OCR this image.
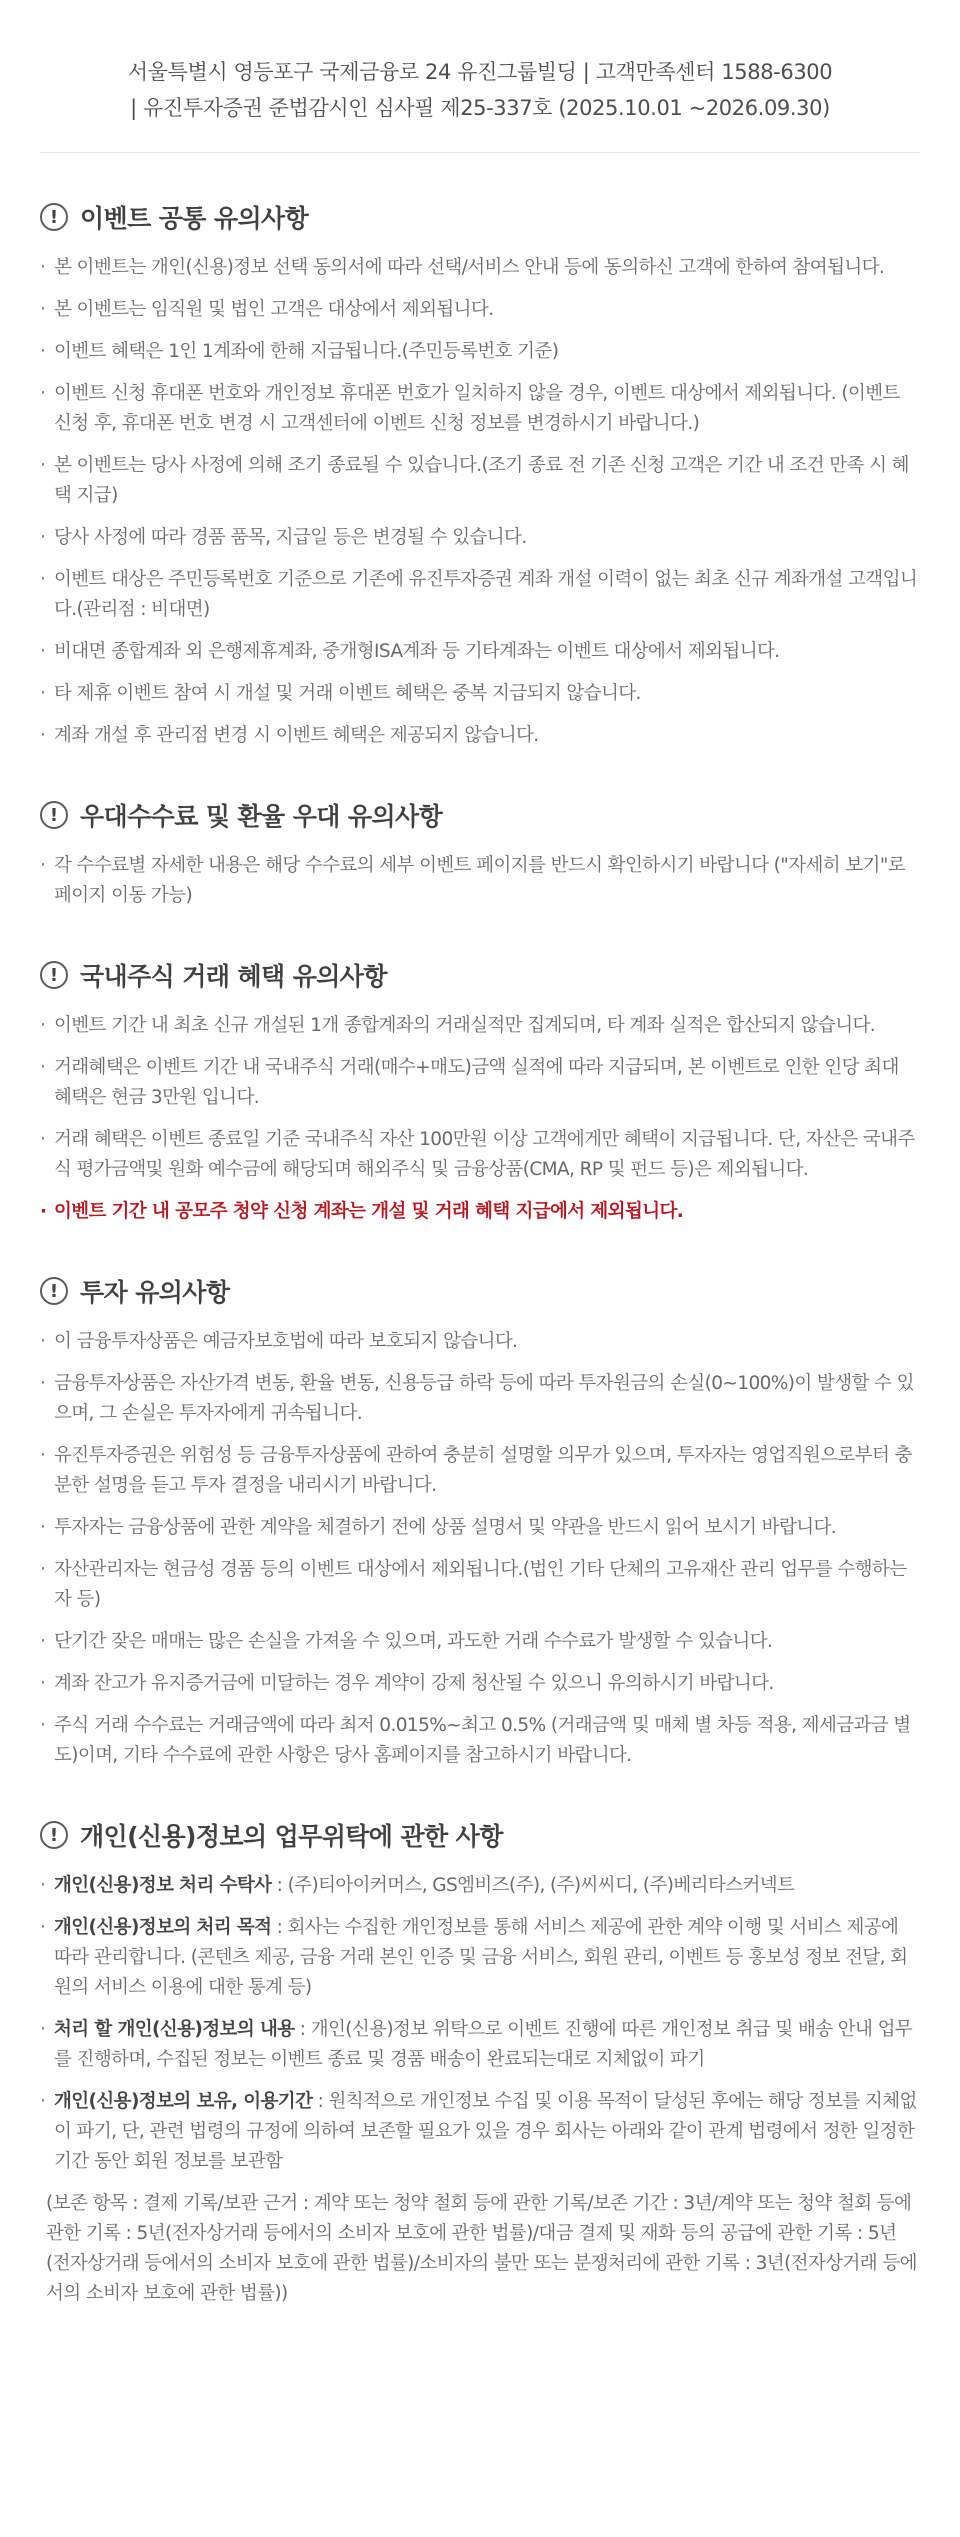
서울특별시 영등포구 국제금융로 24 유진그룹빌딩 | 고객만족센터 1588-6300
| 유진투자증권 준법감시인 심사필 제25-337호 (2025.10.01 ~2026.09.30)
! 이벤트 공통 유의사항
· 본 이벤트는 개인(신용)정보 선택 동의서에 따라 선택/서비스 안내 등에 동의하신 고객에 한하여 참여됩니다.
· 본 이벤트는 임직원 및 법인 고객은 대상에서 제외됩니다.
· 이벤트 혜택은 1인 1계좌에 한해 지급됩니다.(주민등록번호 기준)
· 이벤트 신청 휴대폰 번호와 개인정보 휴대폰 번호가 일치하지 않을 경우, 이벤트 대상에서 제외됩니다. (이벤트 신청 후, 휴대폰 번호 변경 시 고객센터에 이벤트 신청 정보를 변경하시기 바랍니다.)
· 본 이벤트는 당사 사정에 의해 조기 종료될 수 있습니다.(조기 종료 전 기존 신청 고객은 기간 내 조건 만족 시 혜택 지급)
· 당사 사정에 따라 경품 품목, 지급일 등은 변경될 수 있습니다.
· 이벤트 대상은 주민등록번호 기준으로 기존에 유진투자증권 계좌 개설 이력이 없는 최초 신규 계좌개설 고객입니다.(관리점 : 비대면)
· 비대면 종합계좌 외 은행제휴계좌, 중개형ISA계좌 등 기타계좌는 이벤트 대상에서 제외됩니다.
· 타 제휴 이벤트 참여 시 개설 및 거래 이벤트 혜택은 중복 지급되지 않습니다.
· 계좌 개설 후 관리점 변경 시 이벤트 혜택은 제공되지 않습니다.
! 우대수수료 및 환율 우대 유의사항
· 각 수수료별 자세한 내용은 해당 수수료의 세부 이벤트 페이지를 반드시 확인하시기 바랍니다 ("자세히 보기"로 페이지 이동 가능)
! 국내주식 거래 혜택 유의사항
· 이벤트 기간 내 최초 신규 개설된 1개 종합계좌의 거래실적만 집계되며, 타 계좌 실적은 합산되지 않습니다.
· 거래혜택은 이벤트 기간 내 국내주식 거래(매수+매도)금액 실적에 따라 지급되며, 본 이벤트로 인한 인당 최대 혜택은 현금 3만원 입니다.
· 거래 혜택은 이벤트 종료일 기준 국내주식 자산 100만원 이상 고객에게만 혜택이 지급됩니다. 단, 자산은 국내주식 평가금액및 원화 예수금에 해당되며 해외주식 및 금융상품(CMA, RP 및 펀드 등)은 제외됩니다.
· 이벤트 기간 내 공모주 청약 신청 계좌는 개설 및 거래 혜택 지급에서 제외됩니다.
! 투자 유의사항
· 이 금융투자상품은 예금자보호법에 따라 보호되지 않습니다.
· 금융투자상품은 자산가격 변동, 환율 변동, 신용등급 하락 등에 따라 투자원금의 손실(0~100%)이 발생할 수 있으며, 그 손실은 투자자에게 귀속됩니다.
· 유진투자증권은 위험성 등 금융투자상품에 관하여 충분히 설명할 의무가 있으며, 투자자는 영업직원으로부터 충분한 설명을 듣고 투자 결정을 내리시기 바랍니다.
· 투자자는 금융상품에 관한 계약을 체결하기 전에 상품 설명서 및 약관을 반드시 읽어 보시기 바랍니다.
· 자산관리자는 현금성 경품 등의 이벤트 대상에서 제외됩니다.(법인 기타 단체의 고유재산 관리 업무를 수행하는 자 등)
· 단기간 잦은 매매는 많은 손실을 가져올 수 있으며, 과도한 거래 수수료가 발생할 수 있습니다.
· 계좌 잔고가 유지증거금에 미달하는 경우 계약이 강제 청산될 수 있으니 유의하시기 바랍니다.
· 주식 거래 수수료는 거래금액에 따라 최저 0.015%~최고 0.5% (거래금액 및 매체 별 차등 적용, 제세금과금 별도)이며, 기타 수수료에 관한 사항은 당사 홈페이지를 참고하시기 바랍니다.
! 개인(신용)정보의 업무위탁에 관한 사항
· 개인(신용)정보 처리 수탁사 : (주)티아이커머스, GS엠비즈(주), (주)씨씨디, (주)베리타스커넥트
· 개인(신용)정보의 처리 목적 : 회사는 수집한 개인정보를 통해 서비스 제공에 관한 계약 이행 및 서비스 제공에 따라 관리합니다. (콘텐츠 제공, 금융 거래 본인 인증 및 금융 서비스, 회원 관리, 이벤트 등 홍보성 정보 전달, 회원의 서비스 이용에 대한 통계 등)
· 처리 할 개인(신용)정보의 내용 : 개인(신용)정보 위탁으로 이벤트 진행에 따른 개인정보 취급 및 배송 안내 업무를 진행하며, 수집된 정보는 이벤트 종료 및 경품 배송이 완료되는대로 지체없이 파기
· 개인(신용)정보의 보유, 이용기간 : 원칙적으로 개인정보 수집 및 이용 목적이 달성된 후에는 해당 정보를 지체없이 파기, 단, 관련 법령의 규정에 의하여 보존할 필요가 있을 경우 회사는 아래와 같이 관계 법령에서 정한 일정한 기간 동안 회원 정보를 보관함
(보존 항목 : 결제 기록/보관 근거 : 계약 또는 청약 철회 등에 관한 기록/보존 기간 : 3년/계약 또는 청약 철회 등에 관한 기록 : 5년(전자상거래 등에서의 소비자 보호에 관한 법률)/대금 결제 및 재화 등의 공급에 관한 기록 : 5년 (전자상거래 등에서의 소비자 보호에 관한 법률)/소비자의 불만 또는 분쟁처리에 관한 기록 : 3년(전자상거래 등에서의 소비자 보호에 관한 법률))
